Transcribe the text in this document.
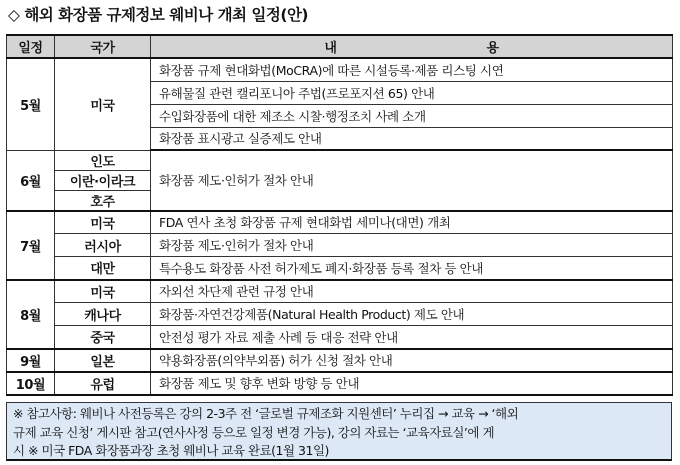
◇ 해외 화장품 규제정보 웨비나 개최 일정(안)
일정	국가	내 용
5월	미국	화장품 규제 현대화법(MoCRA)에 따른 시설등록·제품 리스팅 시연
		유해물질 관련 캘리포니아 주법(프로포지션 65) 안내
		수입화장품에 대한 제조소 시찰·행정조치 사례 소개
		화장품 표시광고 실증제도 안내
6월	인도	화장품 제도·인허가 절차 안내
	이란·이라크	
	호주	
7월	미국	FDA 연사 초청 화장품 규제 현대화법 세미나(대면) 개최
	러시아	화장품 제도·인허가 절차 안내
	대만	특수용도 화장품 사전 허가제도 폐지·화장품 등록 절차 등 안내
8월	미국	자외선 차단제 관련 규정 안내
	캐나다	화장품·자연건강제품(Natural Health Product) 제도 안내
	중국	안전성 평가 자료 제출 사례 등 대응 전략 안내
9월	일본	약용화장품(의약부외품) 허가 신청 절차 안내
10월	유럽	화장품 제도 및 향후 변화 방향 등 안내
※ 참고사항: 웨비나 사전등록은 강의 2-3주 전 ‘글로벌 규제조화 지원센터’ 누리집 → 교육 → ‘해외
규제 교육 신청’ 게시판 참고(연사사정 등으로 일정 변경 가능), 강의 자료는 ‘교육자료실’에 게
시 ※ 미국 FDA 화장품과장 초청 웨비나 교육 완료(1월 31일)
